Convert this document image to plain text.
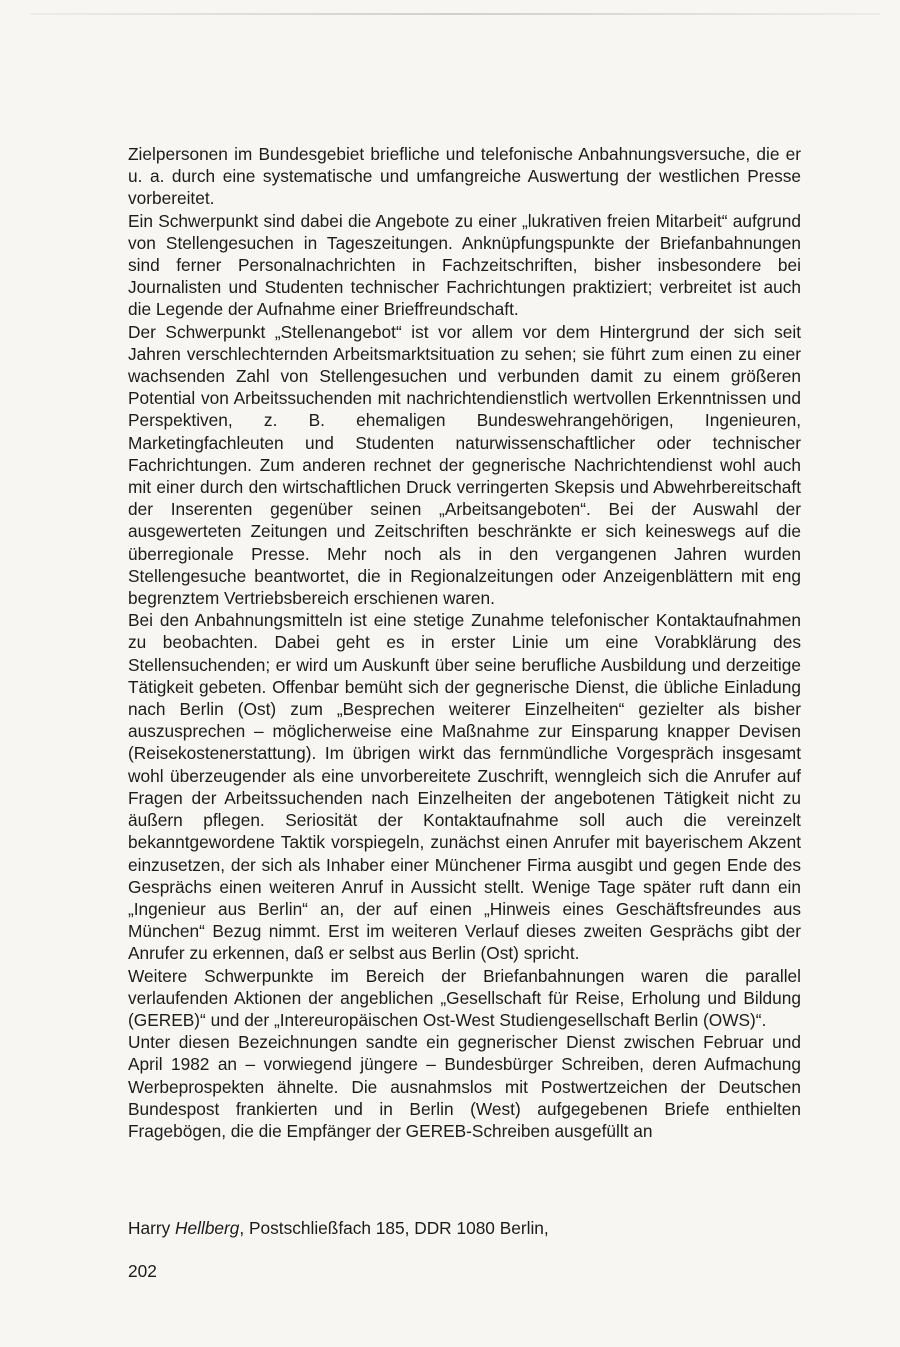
Zielpersonen im Bundesgebiet briefliche und telefonische Anbahnungsversuche, die er u. a. durch eine systematische und umfangreiche Auswertung der westlichen Presse vorbereitet.

Ein Schwerpunkt sind dabei die Angebote zu einer „lukrativen freien Mitarbeit“ aufgrund von Stellengesuchen in Tageszeitungen. Anknüpfungspunkte der Briefanbahnungen sind ferner Personalnachrichten in Fachzeitschriften, bisher insbesondere bei Journalisten und Studenten technischer Fachrichtungen praktiziert; verbreitet ist auch die Legende der Aufnahme einer Brieffreundschaft.

Der Schwerpunkt „Stellenangebot“ ist vor allem vor dem Hintergrund der sich seit Jahren verschlechternden Arbeitsmarktsituation zu sehen; sie führt zum einen zu einer wachsenden Zahl von Stellengesuchen und verbunden damit zu einem größeren Potential von Arbeitssuchenden mit nachrichtendienstlich wertvollen Erkenntnissen und Perspektiven, z. B. ehemaligen Bundeswehrangehörigen, Ingenieuren, Marketingfachleuten und Studenten naturwissenschaftlicher oder technischer Fachrichtungen. Zum anderen rechnet der gegnerische Nachrichtendienst wohl auch mit einer durch den wirtschaftlichen Druck verringerten Skepsis und Abwehrbereitschaft der Inserenten gegenüber seinen „Arbeitsangeboten“. Bei der Auswahl der ausgewerteten Zeitungen und Zeitschriften beschränkte er sich keineswegs auf die überregionale Presse. Mehr noch als in den vergangenen Jahren wurden Stellengesuche beantwortet, die in Regionalzeitungen oder Anzeigenblättern mit eng begrenztem Vertriebsbereich erschienen waren.

Bei den Anbahnungsmitteln ist eine stetige Zunahme telefonischer Kontaktaufnahmen zu beobachten. Dabei geht es in erster Linie um eine Vorabklärung des Stellensuchenden; er wird um Auskunft über seine berufliche Ausbildung und derzeitige Tätigkeit gebeten. Offenbar bemüht sich der gegnerische Dienst, die übliche Einladung nach Berlin (Ost) zum „Besprechen weiterer Einzelheiten“ gezielter als bisher auszusprechen – möglicherweise eine Maßnahme zur Einsparung knapper Devisen (Reisekostenerstattung). Im übrigen wirkt das fernmündliche Vorgespräch insgesamt wohl überzeugender als eine unvorbereitete Zuschrift, wenngleich sich die Anrufer auf Fragen der Arbeitssuchenden nach Einzelheiten der angebotenen Tätigkeit nicht zu äußern pflegen. Seriosität der Kontaktaufnahme soll auch die vereinzelt bekanntgewordene Taktik vorspiegeln, zunächst einen Anrufer mit bayerischem Akzent einzusetzen, der sich als Inhaber einer Münchener Firma ausgibt und gegen Ende des Gesprächs einen weiteren Anruf in Aussicht stellt. Wenige Tage später ruft dann ein „Ingenieur aus Berlin“ an, der auf einen „Hinweis eines Geschäftsfreundes aus München“ Bezug nimmt. Erst im weiteren Verlauf dieses zweiten Gesprächs gibt der Anrufer zu erkennen, daß er selbst aus Berlin (Ost) spricht.

Weitere Schwerpunkte im Bereich der Briefanbahnungen waren die parallel verlaufenden Aktionen der angeblichen „Gesellschaft für Reise, Erholung und Bildung (GEREB)“ und der „Intereuropäischen Ost-West Studiengesellschaft Berlin (OWS)“.

Unter diesen Bezeichnungen sandte ein gegnerischer Dienst zwischen Februar und April 1982 an – vorwiegend jüngere – Bundesbürger Schreiben, deren Aufmachung Werbeprospekten ähnelte. Die ausnahmslos mit Postwertzeichen der Deutschen Bundespost frankierten und in Berlin (West) aufgegebenen Briefe enthielten Fragebögen, die die Empfänger der GEREB-Schreiben ausgefüllt an

Harry Hellberg, Postschließfach 185, DDR 1080 Berlin,
202
